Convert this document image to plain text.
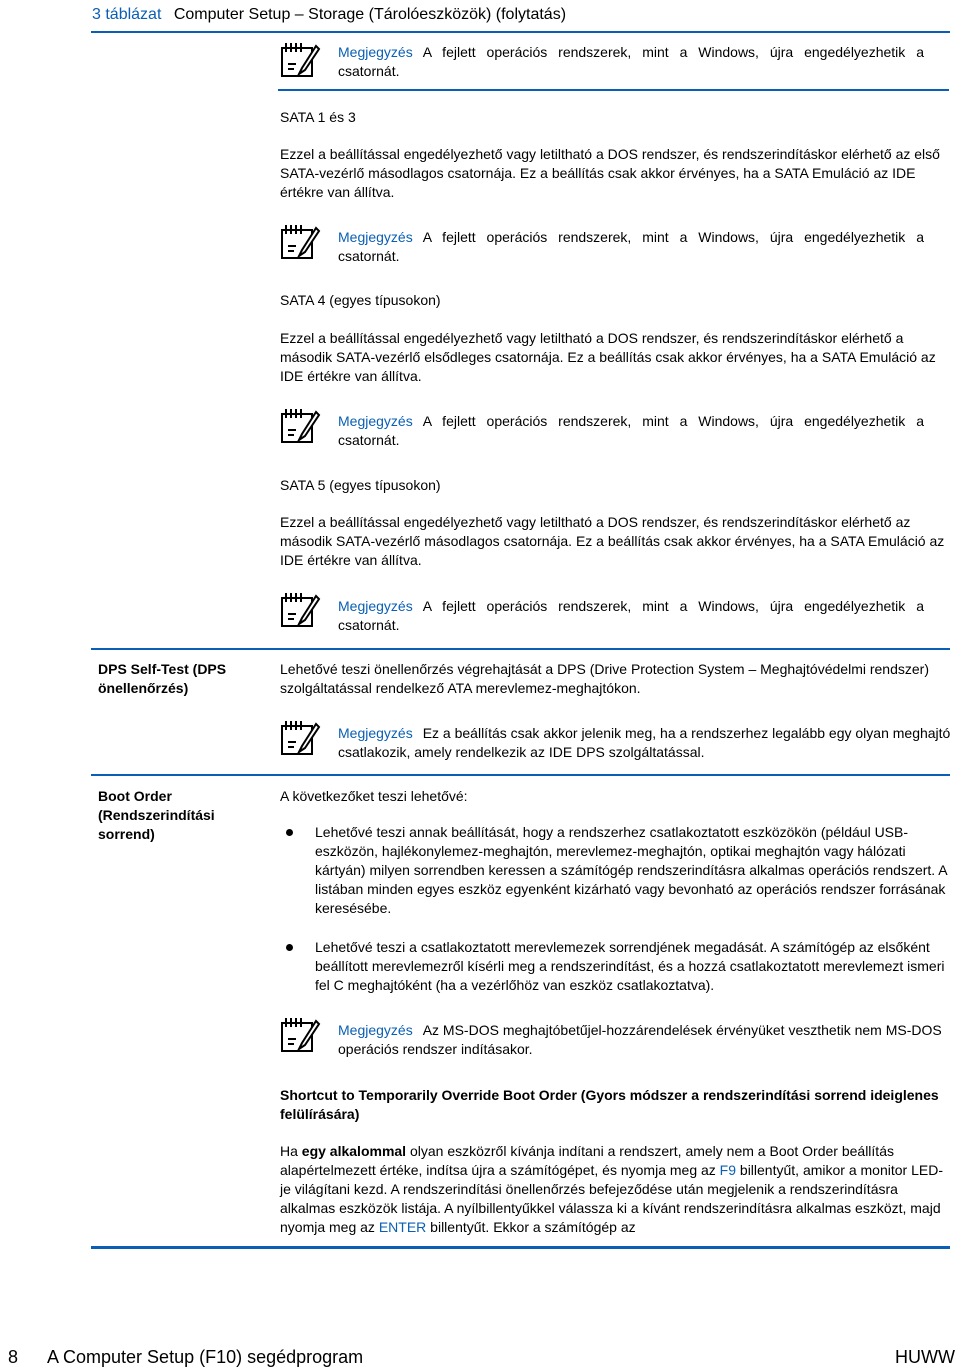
3 táblázat Computer Setup – Storage (Tárolóeszközök) (folytatás)
Megjegyzés A fejlett operációs rendszerek, mint a Windows, újra engedélyezhetik a csatornát.
SATA 1 és 3
Ezzel a beállítással engedélyezhető vagy letiltható a DOS rendszer, és rendszerindításkor elérhető az első SATA-vezérlő másodlagos csatornája. Ez a beállítás csak akkor érvényes, ha a SATA Emuláció az IDE értékre van állítva.
Megjegyzés A fejlett operációs rendszerek, mint a Windows, újra engedélyezhetik a csatornát.
SATA 4 (egyes típusokon)
Ezzel a beállítással engedélyezhető vagy letiltható a DOS rendszer, és rendszerindításkor elérhető a második SATA-vezérlő elsődleges csatornája. Ez a beállítás csak akkor érvényes, ha a SATA Emuláció az IDE értékre van állítva.
Megjegyzés A fejlett operációs rendszerek, mint a Windows, újra engedélyezhetik a csatornát.
SATA 5 (egyes típusokon)
Ezzel a beállítással engedélyezhető vagy letiltható a DOS rendszer, és rendszerindításkor elérhető az második SATA-vezérlő másodlagos csatornája. Ez a beállítás csak akkor érvényes, ha a SATA Emuláció az IDE értékre van állítva.
Megjegyzés A fejlett operációs rendszerek, mint a Windows, újra engedélyezhetik a csatornát.
DPS Self-Test (DPS önellenőrzés)
Lehetővé teszi önellenőrzés végrehajtását a DPS (Drive Protection System – Meghajtóvédelmi rendszer) szolgáltatással rendelkező ATA merevlemez-meghajtókon.
Megjegyzés Ez a beállítás csak akkor jelenik meg, ha a rendszerhez legalább egy olyan meghajtó csatlakozik, amely rendelkezik az IDE DPS szolgáltatással.
Boot Order (Rendszerindítási sorrend)
A következőket teszi lehetővé:
Lehetővé teszi annak beállítását, hogy a rendszerhez csatlakoztatott eszközökön (például USB-eszközön, hajlékonylemez-meghajtón, merevlemez-meghajtón, optikai meghajtón vagy hálózati kártyán) milyen sorrendben keressen a számítógép rendszerindításra alkalmas operációs rendszert. A listában minden egyes eszköz egyenként kizárható vagy bevonható az operációs rendszer forrásának keresésébe.
Lehetővé teszi a csatlakoztatott merevlemezek sorrendjének megadását. A számítógép az elsőként beállított merevlemezről kísérli meg a rendszerindítást, és a hozzá csatlakoztatott merevlemezt ismeri fel C meghajtóként (ha a vezérlőhöz van eszköz csatlakoztatva).
Megjegyzés Az MS-DOS meghajtóbetűjel-hozzárendelések érvényüket veszthetik nem MS-DOS operációs rendszer indításakor.
Shortcut to Temporarily Override Boot Order (Gyors módszer a rendszerindítási sorrend ideiglenes felülírására)
Ha egy alkalommal olyan eszközről kívánja indítani a rendszert, amely nem a Boot Order beállítás alapértelmezett értéke, indítsa újra a számítógépet, és nyomja meg az F9 billentyűt, amikor a monitor LED-je világítani kezd. A rendszerindítási önellenőrzés befejeződése után megjelenik a rendszerindításra alkalmas eszközök listája. A nyílbillentyűkkel válassza ki a kívánt rendszerindításra alkalmas eszközt, majd nyomja meg az ENTER billentyűt. Ekkor a számítógép az
8 A Computer Setup (F10) segédprogram	HUWW
